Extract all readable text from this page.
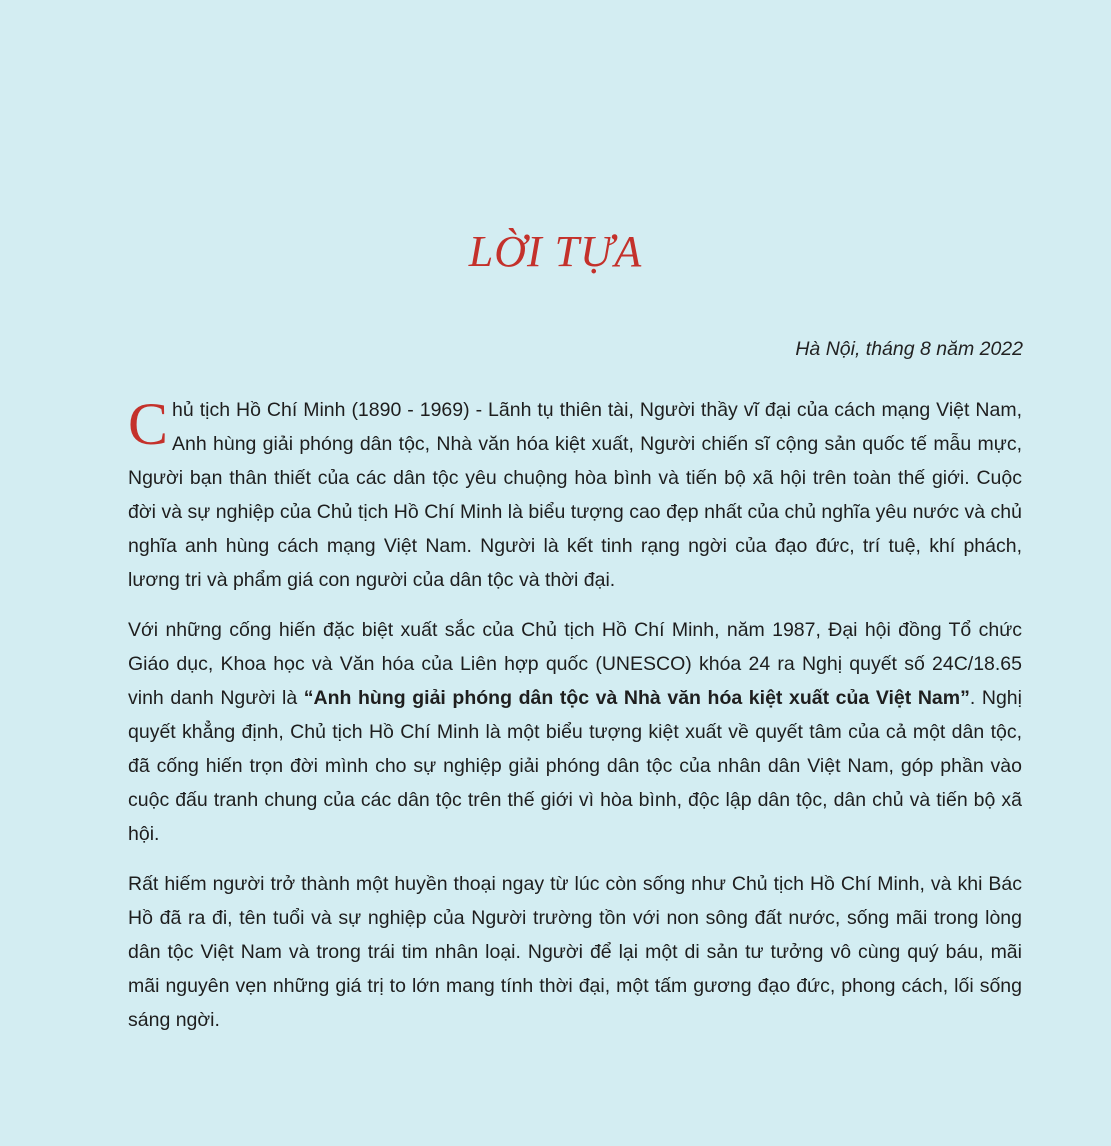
LỜI TỰA
Hà Nội, tháng 8 năm 2022

Chủ tịch Hồ Chí Minh (1890 - 1969) - Lãnh tụ thiên tài, Người thầy vĩ đại của cách mạng Việt Nam, Anh hùng giải phóng dân tộc, Nhà văn hóa kiệt xuất, Người chiến sĩ cộng sản quốc tế mẫu mực, Người bạn thân thiết của các dân tộc yêu chuộng hòa bình và tiến bộ xã hội trên toàn thế giới. Cuộc đời và sự nghiệp của Chủ tịch Hồ Chí Minh là biểu tượng cao đẹp nhất của chủ nghĩa yêu nước và chủ nghĩa anh hùng cách mạng Việt Nam. Người là kết tinh rạng ngời của đạo đức, trí tuệ, khí phách, lương tri và phẩm giá con người của dân tộc và thời đại.

Với những cống hiến đặc biệt xuất sắc của Chủ tịch Hồ Chí Minh, năm 1987, Đại hội đồng Tổ chức Giáo dục, Khoa học và Văn hóa của Liên hợp quốc (UNESCO) khóa 24 ra Nghị quyết số 24C/18.65 vinh danh Người là “Anh hùng giải phóng dân tộc và Nhà văn hóa kiệt xuất của Việt Nam”. Nghị quyết khẳng định, Chủ tịch Hồ Chí Minh là một biểu tượng kiệt xuất về quyết tâm của cả một dân tộc, đã cống hiến trọn đời mình cho sự nghiệp giải phóng dân tộc của nhân dân Việt Nam, góp phần vào cuộc đấu tranh chung của các dân tộc trên thế giới vì hòa bình, độc lập dân tộc, dân chủ và tiến bộ xã hội.

Rất hiếm người trở thành một huyền thoại ngay từ lúc còn sống như Chủ tịch Hồ Chí Minh, và khi Bác Hồ đã ra đi, tên tuổi và sự nghiệp của Người trường tồn với non sông đất nước, sống mãi trong lòng dân tộc Việt Nam và trong trái tim nhân loại. Người để lại một di sản tư tưởng vô cùng quý báu, mãi mãi nguyên vẹn những giá trị to lớn mang tính thời đại, một tấm gương đạo đức, phong cách, lối sống sáng ngời.
